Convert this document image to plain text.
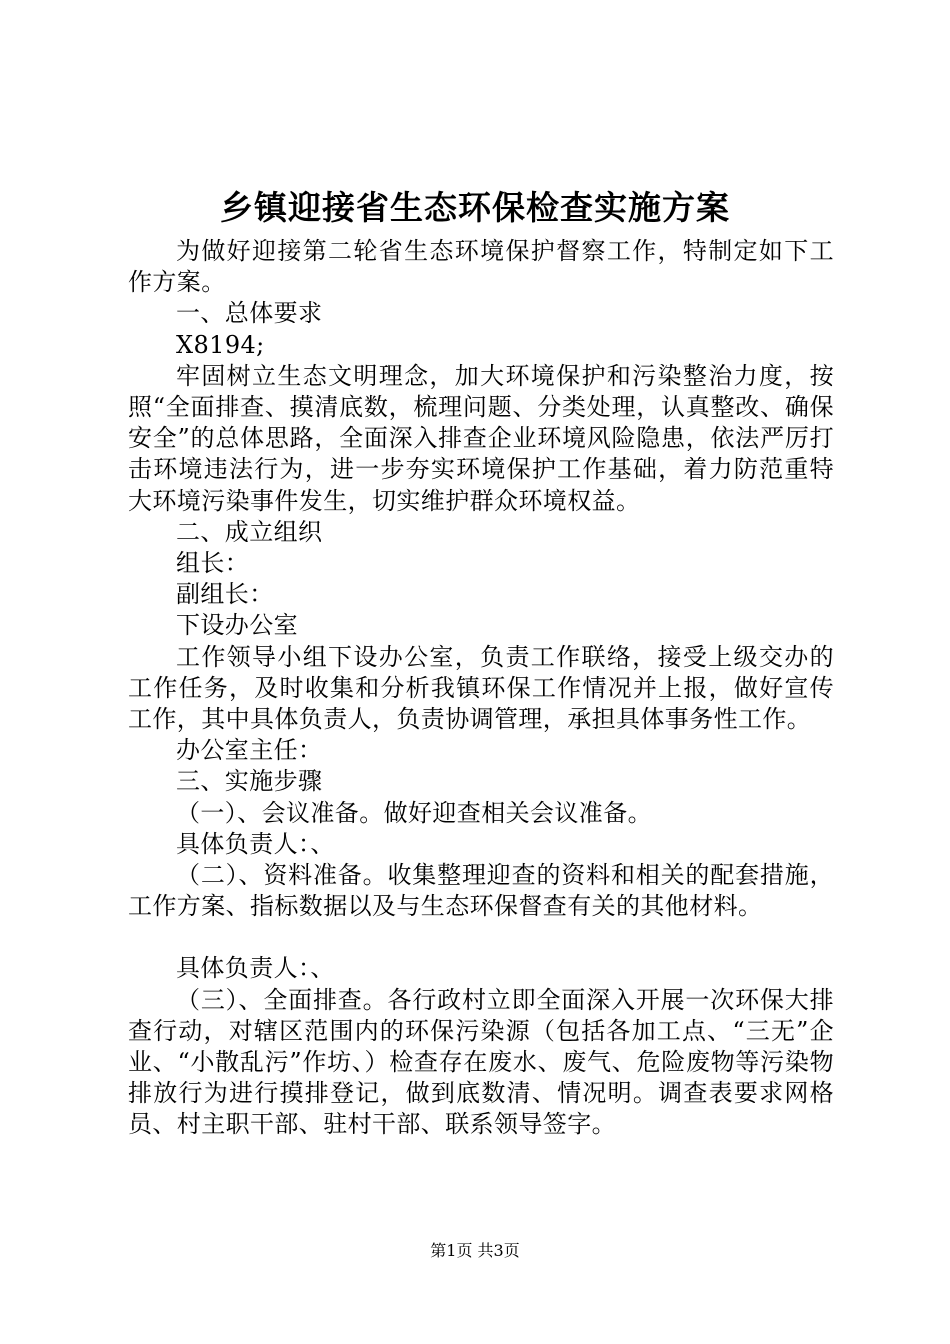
乡镇迎接省生态环保检查实施方案

为做好迎接第二轮省生态环境保护督察工作，特制定如下工作方案。

一、总体要求

X8194;

牢固树立生态文明理念，加大环境保护和污染整治力度，按照“全面排查、摸清底数，梳理问题、分类处理，认真整改、确保安全”的总体思路，全面深入排查企业环境风险隐患，依法严厉打击环境违法行为，进一步夯实环境保护工作基础，着力防范重特大环境污染事件发生，切实维护群众环境权益。

二、成立组织

组长：

副组长：

下设办公室

工作领导小组下设办公室，负责工作联络，接受上级交办的工作任务，及时收集和分析我镇环保工作情况并上报，做好宣传工作，其中具体负责人，负责协调管理，承担具体事务性工作。

办公室主任：

三、实施步骤

（一）、会议准备。做好迎查相关会议准备。

具体负责人：、

（二）、资料准备。收集整理迎查的资料和相关的配套措施，工作方案、指标数据以及与生态环保督查有关的其他材料。

具体负责人：、

（三）、全面排查。各行政村立即全面深入开展一次环保大排查行动，对辖区范围内的环保污染源（包括各加工点、“三无”企业、“小散乱污”作坊、）检查存在废水、废气、危险废物等污染物排放行为进行摸排登记，做到底数清、情况明。调查表要求网格员、村主职干部、驻村干部、联系领导签字。

第1页 共3页
